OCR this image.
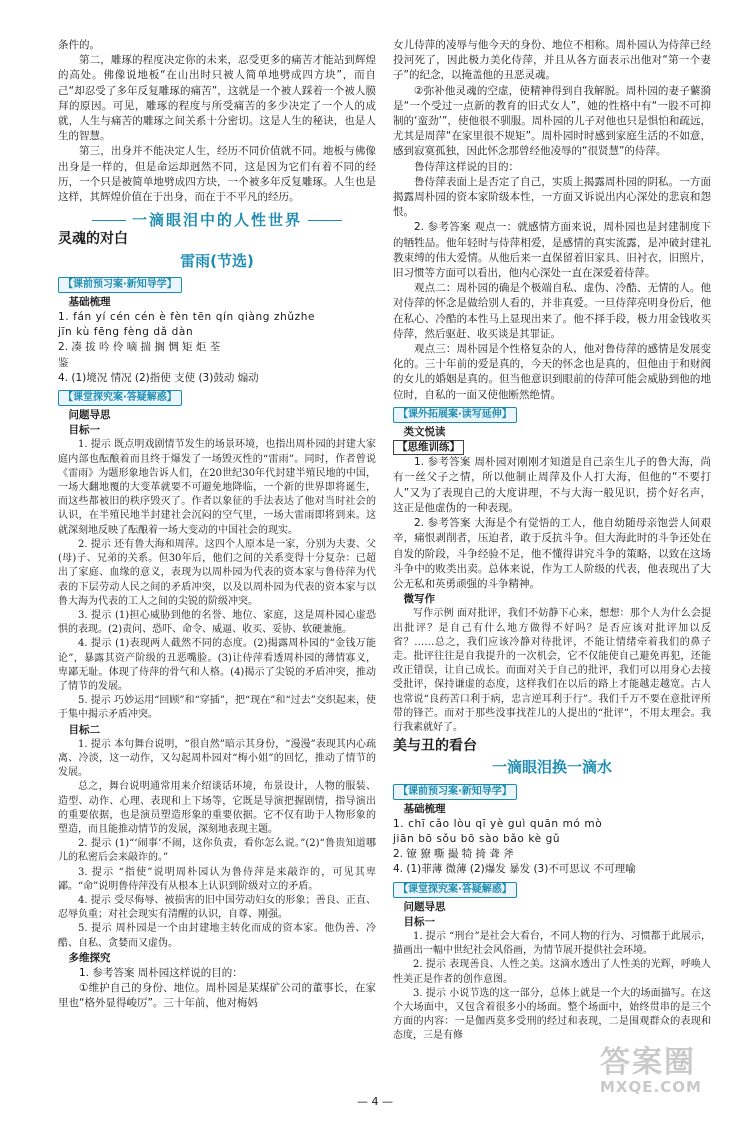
条件的。

第二，雕琢的程度决定你的未来，忍受更多的痛苦才能站到辉煌的高处。佛像说地板“在山出时只被人简单地劈成四方块”，而自己“却忍受了多年反复雕琢的痛苦”，这就是一个被人踩着一个被人膜拜的原因。可见，雕琢的程度与所受痛苦的多少决定了一个人的成就，人生与痛苦的雕琢之间关系十分密切。这是人生的秘诀，也是人生的智慧。

第三，出身并不能决定人生，经历不同价值就不同。地板与佛像出身是一样的，但是命运却迥然不同，这是因为它们有着不同的经历，一个只是被简单地劈成四方块，一个被多年反复雕琢。人生也是这样，其辉煌价值在于出身，而在于不平凡的经历。

一滴眼泪中的人性世界
灵魂的对白
雷雨(节选)
【课前预习案·新知导学】

基础梳理

1. fán yí cén cén è fèn tēn qín qiàng zhǔzhe

jīn kù fēng fèng dǎ dàn

2. 凑 拔 吟 伶 嘀 揣 搁 惆 矩 炬 荃

鉴

4. (1)境况 情况 (2)指使 支使 (3)鼓动 煽动

【课堂探究案·答疑解惑】

问题导思

目标一

1. 提示 既点明戏剧情节发生的场景环境，也指出周朴园的封建大家庭内部也酝酿着而且终于爆发了一场毁灭性的“雷雨”。同时，作者曾说《雷雨》为题形象地告诉人们，在20世纪30年代封建半殖民地的中国，一场大翻地覆的大变革就要不可避免地降临，一个新的世界即将诞生，而这些都被旧的秩序毁灭了。作者以象征的手法表达了他对当时社会的认识，在半殖民地半封建社会沉闷的空气里，一场大雷雨即将到来。这就深刻地反映了酝酿着一场大变动的中国社会的现实。

2. 提示 还有鲁大海和周萍。这四个人原本是一家，分别为夫妻、父(母)子、兄弟的关系。但30年后，他们之间的关系变得十分复杂：已超出了家庭、血缘的意义，表现为以周朴园为代表的资本家与鲁侍萍为代表的下层劳动人民之间的矛盾冲突，以及以周朴园为代表的资本家与以鲁大海为代表的工人之间的尖锐的阶级冲突。

3. 提示 (1)担心威胁到他的名誉、地位、家庭，这是周朴园心虚恐惧的表现。(2)责问、恐吓、命令、威逼、收买、妥协、软硬兼施。

4. 提示 (1)表现两人截然不同的态度。(2)揭露周朴园的“金钱万能论”，暴露其资产阶级的丑恶嘴脸。(3)让侍萍看透周朴园的薄情寡义，卑鄙无耻。体现了侍萍的骨气和人格。(4)揭示了尖锐的矛盾冲突，推动了情节的发展。

5. 提示 巧妙运用“回顾”和“穿插”，把“现在”和“过去”交织起来，使于集中揭示矛盾冲突。

目标二

1. 提示 本句舞台说明，“很自然”暗示其身份，“漫漫”表现其内心疏离、冷淡，这一动作，又勾起周朴园对“梅小姐”的回忆，推动了情节的发展。

总之，舞台说明通常用来介绍谈话环境，布景设计，人物的服装、造型、动作、心理、表现和上下场等，它既是导演把握剧情，指导演出的重要依据，也是演员塑造形象的重要依据。它不仅有助于人物形象的塑造，而且能推动情节的发展，深刻地表现主题。

2. 提示 (1)“‘闹事’不闹，这你负责，看你怎么说。”(2)“鲁贵知道哪儿的私密后会来敲诈的。”

3. 提示 “指使”说明周朴园认为鲁侍萍是来敲诈的，可见其卑鄙。“命”说明鲁侍萍没有从根本上认识到阶级对立的矛盾。

4. 提示 受尽侮辱、被损害的旧中国劳动妇女的形象；善良、正直、忍辱负重；对社会现实有清醒的认识，自尊、刚强。

5. 提示 周朴园是一个由封建地主转化而成的资本家。他伪善、冷酷、自私、贪婪而又虚伪。

多维探究

1. 参考答案 周朴园这样说的目的：

①维护自己的身份、地位。周朴园是某煤矿公司的董事长，在家里也“格外显得峻厉”。三十年前，他对梅妈

女儿侍萍的凌辱与他今天的身份、地位不相称。周朴园认为侍萍已经投河死了，因此极力美化侍萍，并且从各方面表示出他对“第一个妻子”的纪念，以掩盖他的丑恶灵魂。

②弥补他灵魂的空虚，使精神得到自我解脱。周朴园的妻子蘩漪是“一个受过一点新的教育的旧式女人”，她的性格中有“一股不可抑制的‘蛮劲’”，使他很不驯服。周朴园的儿子对他也只是惧怕和疏远，尤其是周萍“在家里很不规矩”。周朴园时时感到家庭生活的不如意，感到寂寞孤独，因此怀念那曾经他凌辱的“很贤慧”的侍萍。

鲁侍萍这样说的目的：

鲁侍萍表面上是否定了自己，实质上揭露周朴园的阴私。一方面揭露周朴园的资本家阶级本性，一方面又诉说出内心深处的悲哀和怨恨。

2. 参考答案 观点一：就感情方面来说，周朴园也是封建制度下的牺牲品。他年轻时与侍萍相爱，是感情的真实流露，是冲破封建礼教束缚的伟大爱情。从他后来一直保留着旧家具、旧衬衣，旧照片，旧习惯等方面可以看出，他内心深处一直在深爱着侍萍。

观点二：周朴园的确是个极端自私、虚伪、冷酷、无情的人。他对侍萍的怀念是做给别人看的，并非真爱。一旦侍萍亮明身份后，他在私心、冷酷的本性马上显现出来了。他不择手段，极力用金钱收买侍萍，然后驱赶、收买谈是其罪证。

观点三：周朴园是个性格复杂的人，他对鲁侍萍的感情是发展变化的。三十年前的爱是真的，今天的怀念也是真的，但他由于和财阀的女儿的婚姻是真的。但当他意识到眼前的侍萍可能会威胁到他的地位时，自私的一面又使他断然绝情。

【课外拓展案·读写延伸】

类文悦读

【思维训练】

1. 参考答案 周朴园对刚刚才知道是自己亲生儿子的鲁大海，尚有一丝父子之情，所以他制止周萍及仆人打大海，但他的“不要打人”又为了表现自己的大度讲理，不与大海一般见识，捞个好名声，这正是他虚伪的一种表现。

2. 参考答案 大海是个有觉悟的工人，他自幼随母亲饱尝人间艰辛，痛恨剥削者，压迫者，敢于反抗斗争。但大海此时的斗争还处在自发的阶段，斗争经验不足，他不懂得讲究斗争的策略，以致在这场斗争中的败类出卖。总体来说，作为工人阶级的代表，他表现出了大公无私和英勇顽强的斗争精神。

微写作

写作示例 面对批评，我们不妨静下心来，想想：那个人为什么会提出批评？是自己有什么地方做得不好吗？是否应该对批评加以反省？……总之，我们应该冷静对待批评，不能让情绪牵着我们的鼻子走。批评往往是自我提升的一次机会，它不仅能使自己避免再犯，还能改正错误，让自己成长。而面对关于自己的批评，我们可以用身心去接受批评，保持谦虚的态度，这样我们在以后的路上才能越走越宽。古人也常说“良药苦口利于病，忠言逆耳利于行”。我们千万不要在意批评所带的锋芒。而对于那些没事找茬儿的人提出的“批评”，不用太理会。我行我素就好了。

美与丑的看台
一滴眼泪换一滴水
【课前预习案·新知导学】

基础梳理

1. chī cǎo lòu qī yè guì quān mó mò

jiān bō sǒu bō sào bǎo kè gǔ

2. 镣 獠 嘶 撮 犄 掎 聋 斧

4. (1)菲薄 微薄 (2)爆发 暴发 (3)不可思议 不可理喻

【课堂探究案·答疑解惑】

问题导思

目标一

1. 提示 “刑台”是社会大看台，不同人物的行为、习惯都于此展示，描画出一幅中世纪社会风俗画，为情节展开提供社会环境。

2. 提示 表现善良、人性之美。这滴水透出了人性美的光辉，呼唤人性美正是作者的创作意图。

3. 提示 小说节选的这一部分，总体上就是一个大的场面描写。在这个大场面中，又包含着很多小的场面。整个场面中，始终贯串的是三个方面的内容：一是伽西莫多受刑的经过和表现，二是围观群众的表现和态度，三是有修

— 4 —
答案圈
MXQE.COM
